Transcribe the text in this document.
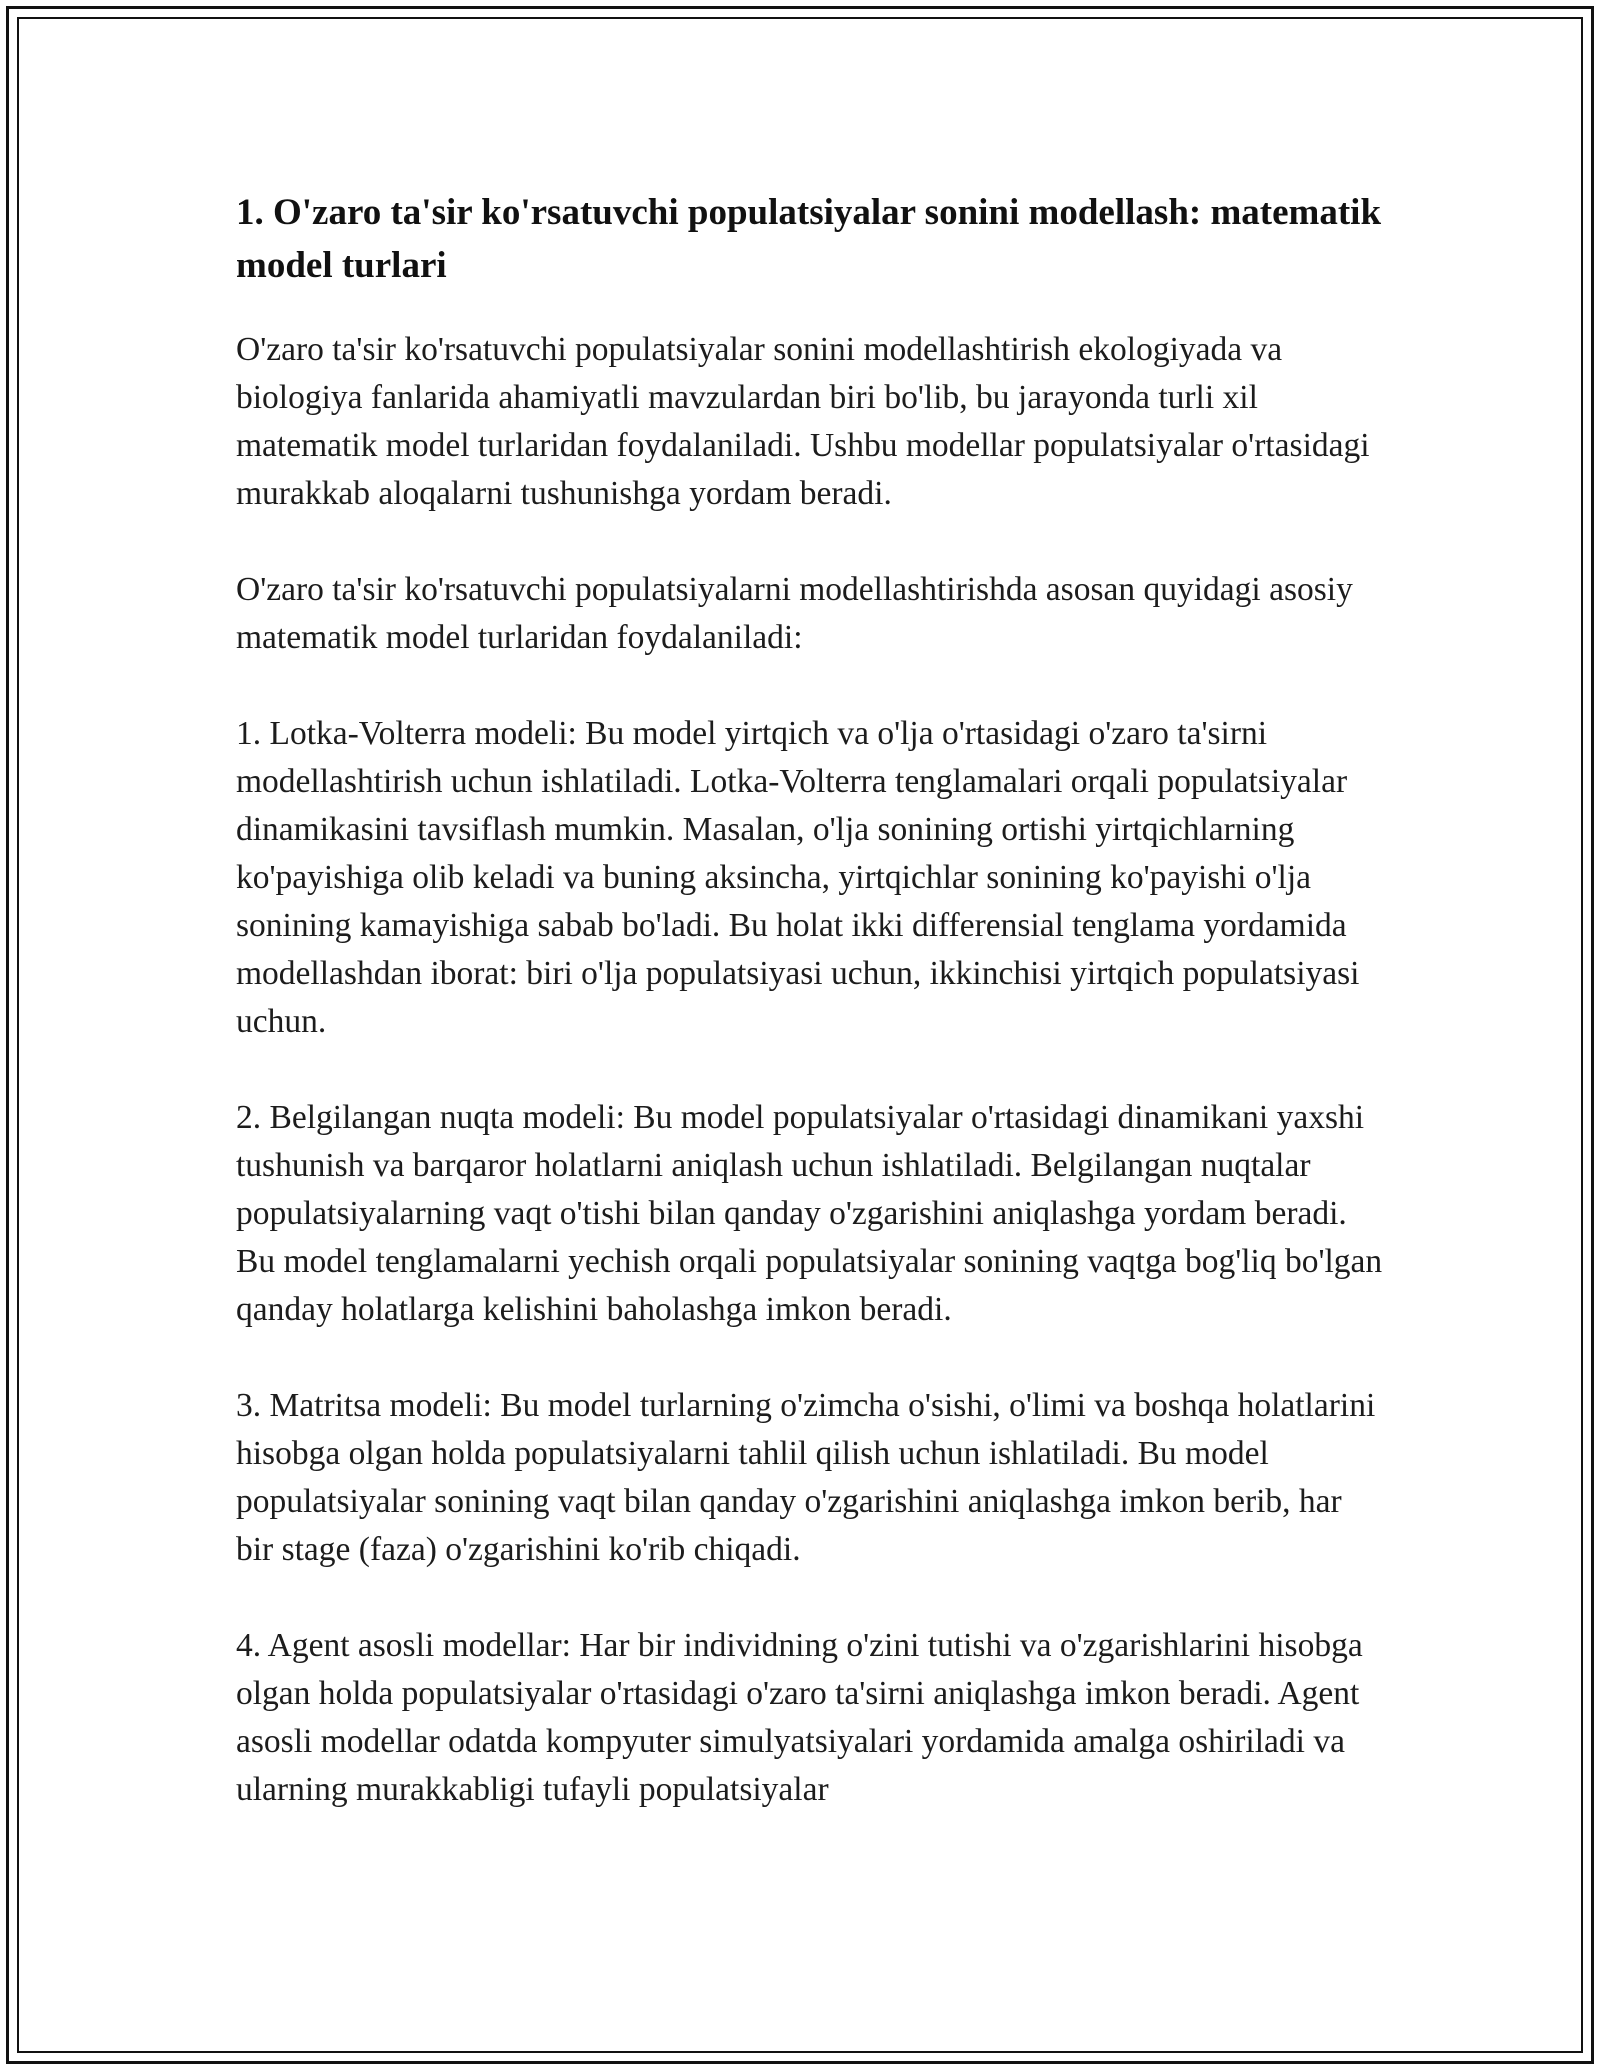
1. O'zaro ta'sir ko'rsatuvchi populatsiyalar sonini modellash: matematik model turlari

O'zaro ta'sir ko'rsatuvchi populatsiyalar sonini modellashtirish ekologiyada va biologiya fanlarida ahamiyatli mavzulardan biri bo'lib, bu jarayonda turli xil matematik model turlaridan foydalaniladi. Ushbu modellar populatsiyalar o'rtasidagi murakkab aloqalarni tushunishga yordam beradi.

O'zaro ta'sir ko'rsatuvchi populatsiyalarni modellashtirishda asosan quyidagi asosiy matematik model turlaridan foydalaniladi:

1. Lotka-Volterra modeli: Bu model yirtqich va o'lja o'rtasidagi o'zaro ta'sirni modellashtirish uchun ishlatiladi. Lotka-Volterra tenglamalari orqali populatsiyalar dinamikasini tavsiflash mumkin. Masalan, o'lja sonining ortishi yirtqichlarning ko'payishiga olib keladi va buning aksincha, yirtqichlar sonining ko'payishi o'lja sonining kamayishiga sabab bo'ladi. Bu holat ikki differensial tenglama yordamida modellashdan iborat: biri o'lja populatsiyasi uchun, ikkinchisi yirtqich populatsiyasi uchun.

2. Belgilangan nuqta modeli: Bu model populatsiyalar o'rtasidagi dinamikani yaxshi tushunish va barqaror holatlarni aniqlash uchun ishlatiladi. Belgilangan nuqtalar populatsiyalarning vaqt o'tishi bilan qanday o'zgarishini aniqlashga yordam beradi. Bu model tenglamalarni yechish orqali populatsiyalar sonining vaqtga bog'liq bo'lgan qanday holatlarga kelishini baholashga imkon beradi.

3. Matritsa modeli: Bu model turlarning o'zimcha o'sishi, o'limi va boshqa holatlarini hisobga olgan holda populatsiyalarni tahlil qilish uchun ishlatiladi. Bu model populatsiyalar sonining vaqt bilan qanday o'zgarishini aniqlashga imkon berib, har bir stage (faza) o'zgarishini ko'rib chiqadi.

4. Agent asosli modellar: Har bir individning o'zini tutishi va o'zgarishlarini hisobga olgan holda populatsiyalar o'rtasidagi o'zaro ta'sirni aniqlashga imkon beradi. Agent asosli modellar odatda kompyuter simulyatsiyalari yordamida amalga oshiriladi va ularning murakkabligi tufayli populatsiyalar
